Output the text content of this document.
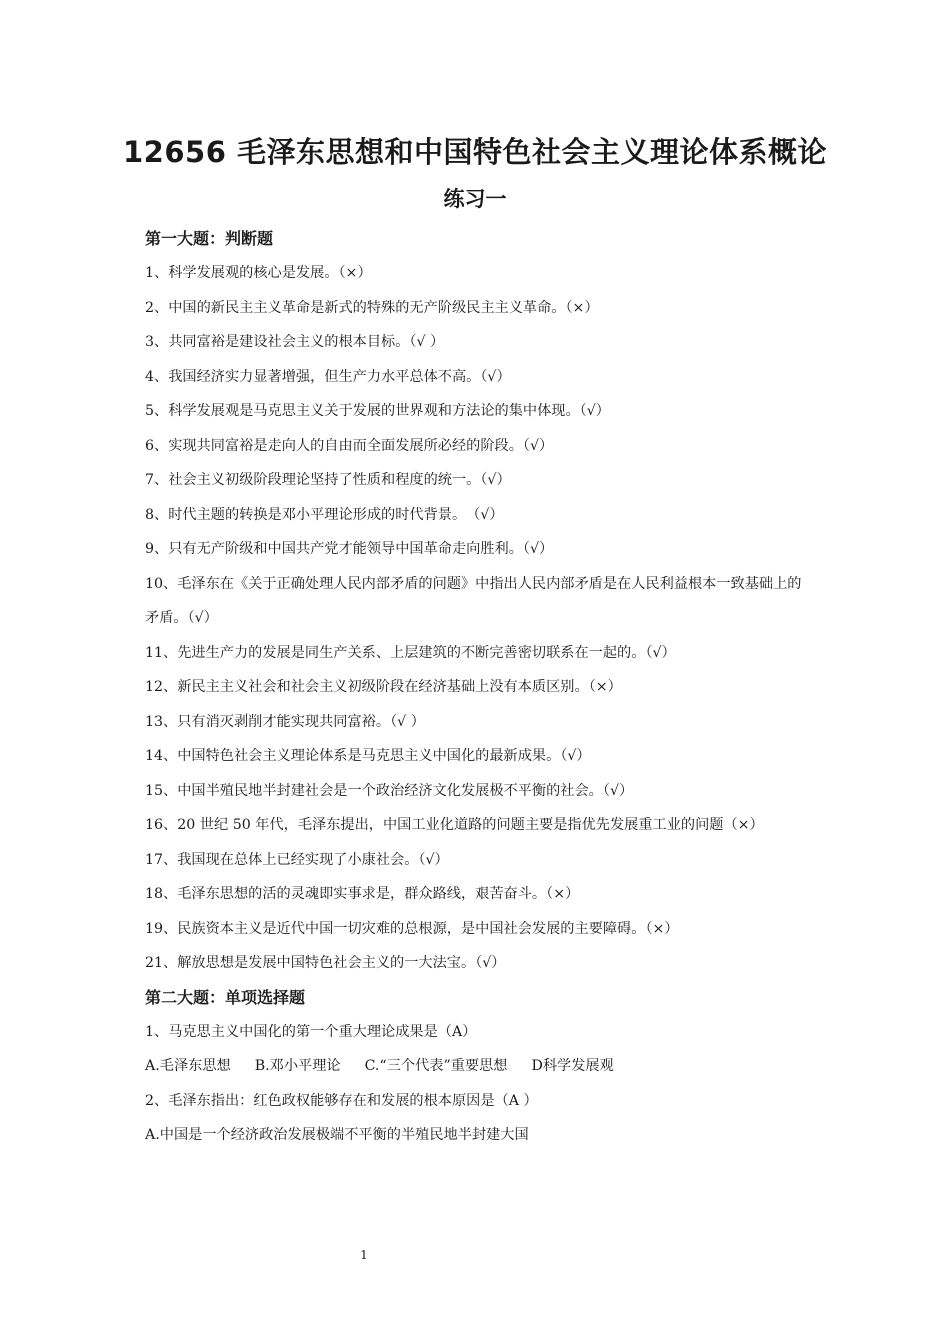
12656 毛泽东思想和中国特色社会主义理论体系概论
练习一
第一大题：判断题
1、科学发展观的核心是发展。（×）
2、中国的新民主主义革命是新式的特殊的无产阶级民主主义革命。（×）
3、共同富裕是建设社会主义的根本目标。（√ ）
4、我国经济实力显著增强，但生产力水平总体不高。（√）
5、科学发展观是马克思主义关于发展的世界观和方法论的集中体现。（√）
6、实现共同富裕是走向人的自由而全面发展所必经的阶段。（√）
7、社会主义初级阶段理论坚持了性质和程度的统一。（√）
8、时代主题的转换是邓小平理论形成的时代背景。　（√）
9、只有无产阶级和中国共产党才能领导中国革命走向胜利。（√）
10、毛泽东在《关于正确处理人民内部矛盾的问题》中指出人民内部矛盾是在人民利益根本一致基础上的矛盾。（√）
11、先进生产力的发展是同生产关系、上层建筑的不断完善密切联系在一起的。（√）
12、新民主主义社会和社会主义初级阶段在经济基础上没有本质区别。（×）
13、只有消灭剥削才能实现共同富裕。（√ ）
14、中国特色社会主义理论体系是马克思主义中国化的最新成果。（√）
15、中国半殖民地半封建社会是一个政治经济文化发展极不平衡的社会。（√）
16、20 世纪 50 年代，毛泽东提出，中国工业化道路的问题主要是指优先发展重工业的问题（×）
17、我国现在总体上已经实现了小康社会。（√）
18、毛泽东思想的活的灵魂即实事求是，群众路线，艰苦奋斗。（×）
19、民族资本主义是近代中国一切灾难的总根源，是中国社会发展的主要障碍。（×）
21、解放思想是发展中国特色社会主义的一大法宝。（√）
第二大题：单项选择题
1、马克思主义中国化的第一个重大理论成果是（A）
A.毛泽东思想 B.邓小平理论 C.“三个代表”重要思想 D科学发展观
2、毛泽东指出：红色政权能够存在和发展的根本原因是（A ）
A.中国是一个经济政治发展极端不平衡的半殖民地半封建大国
1
